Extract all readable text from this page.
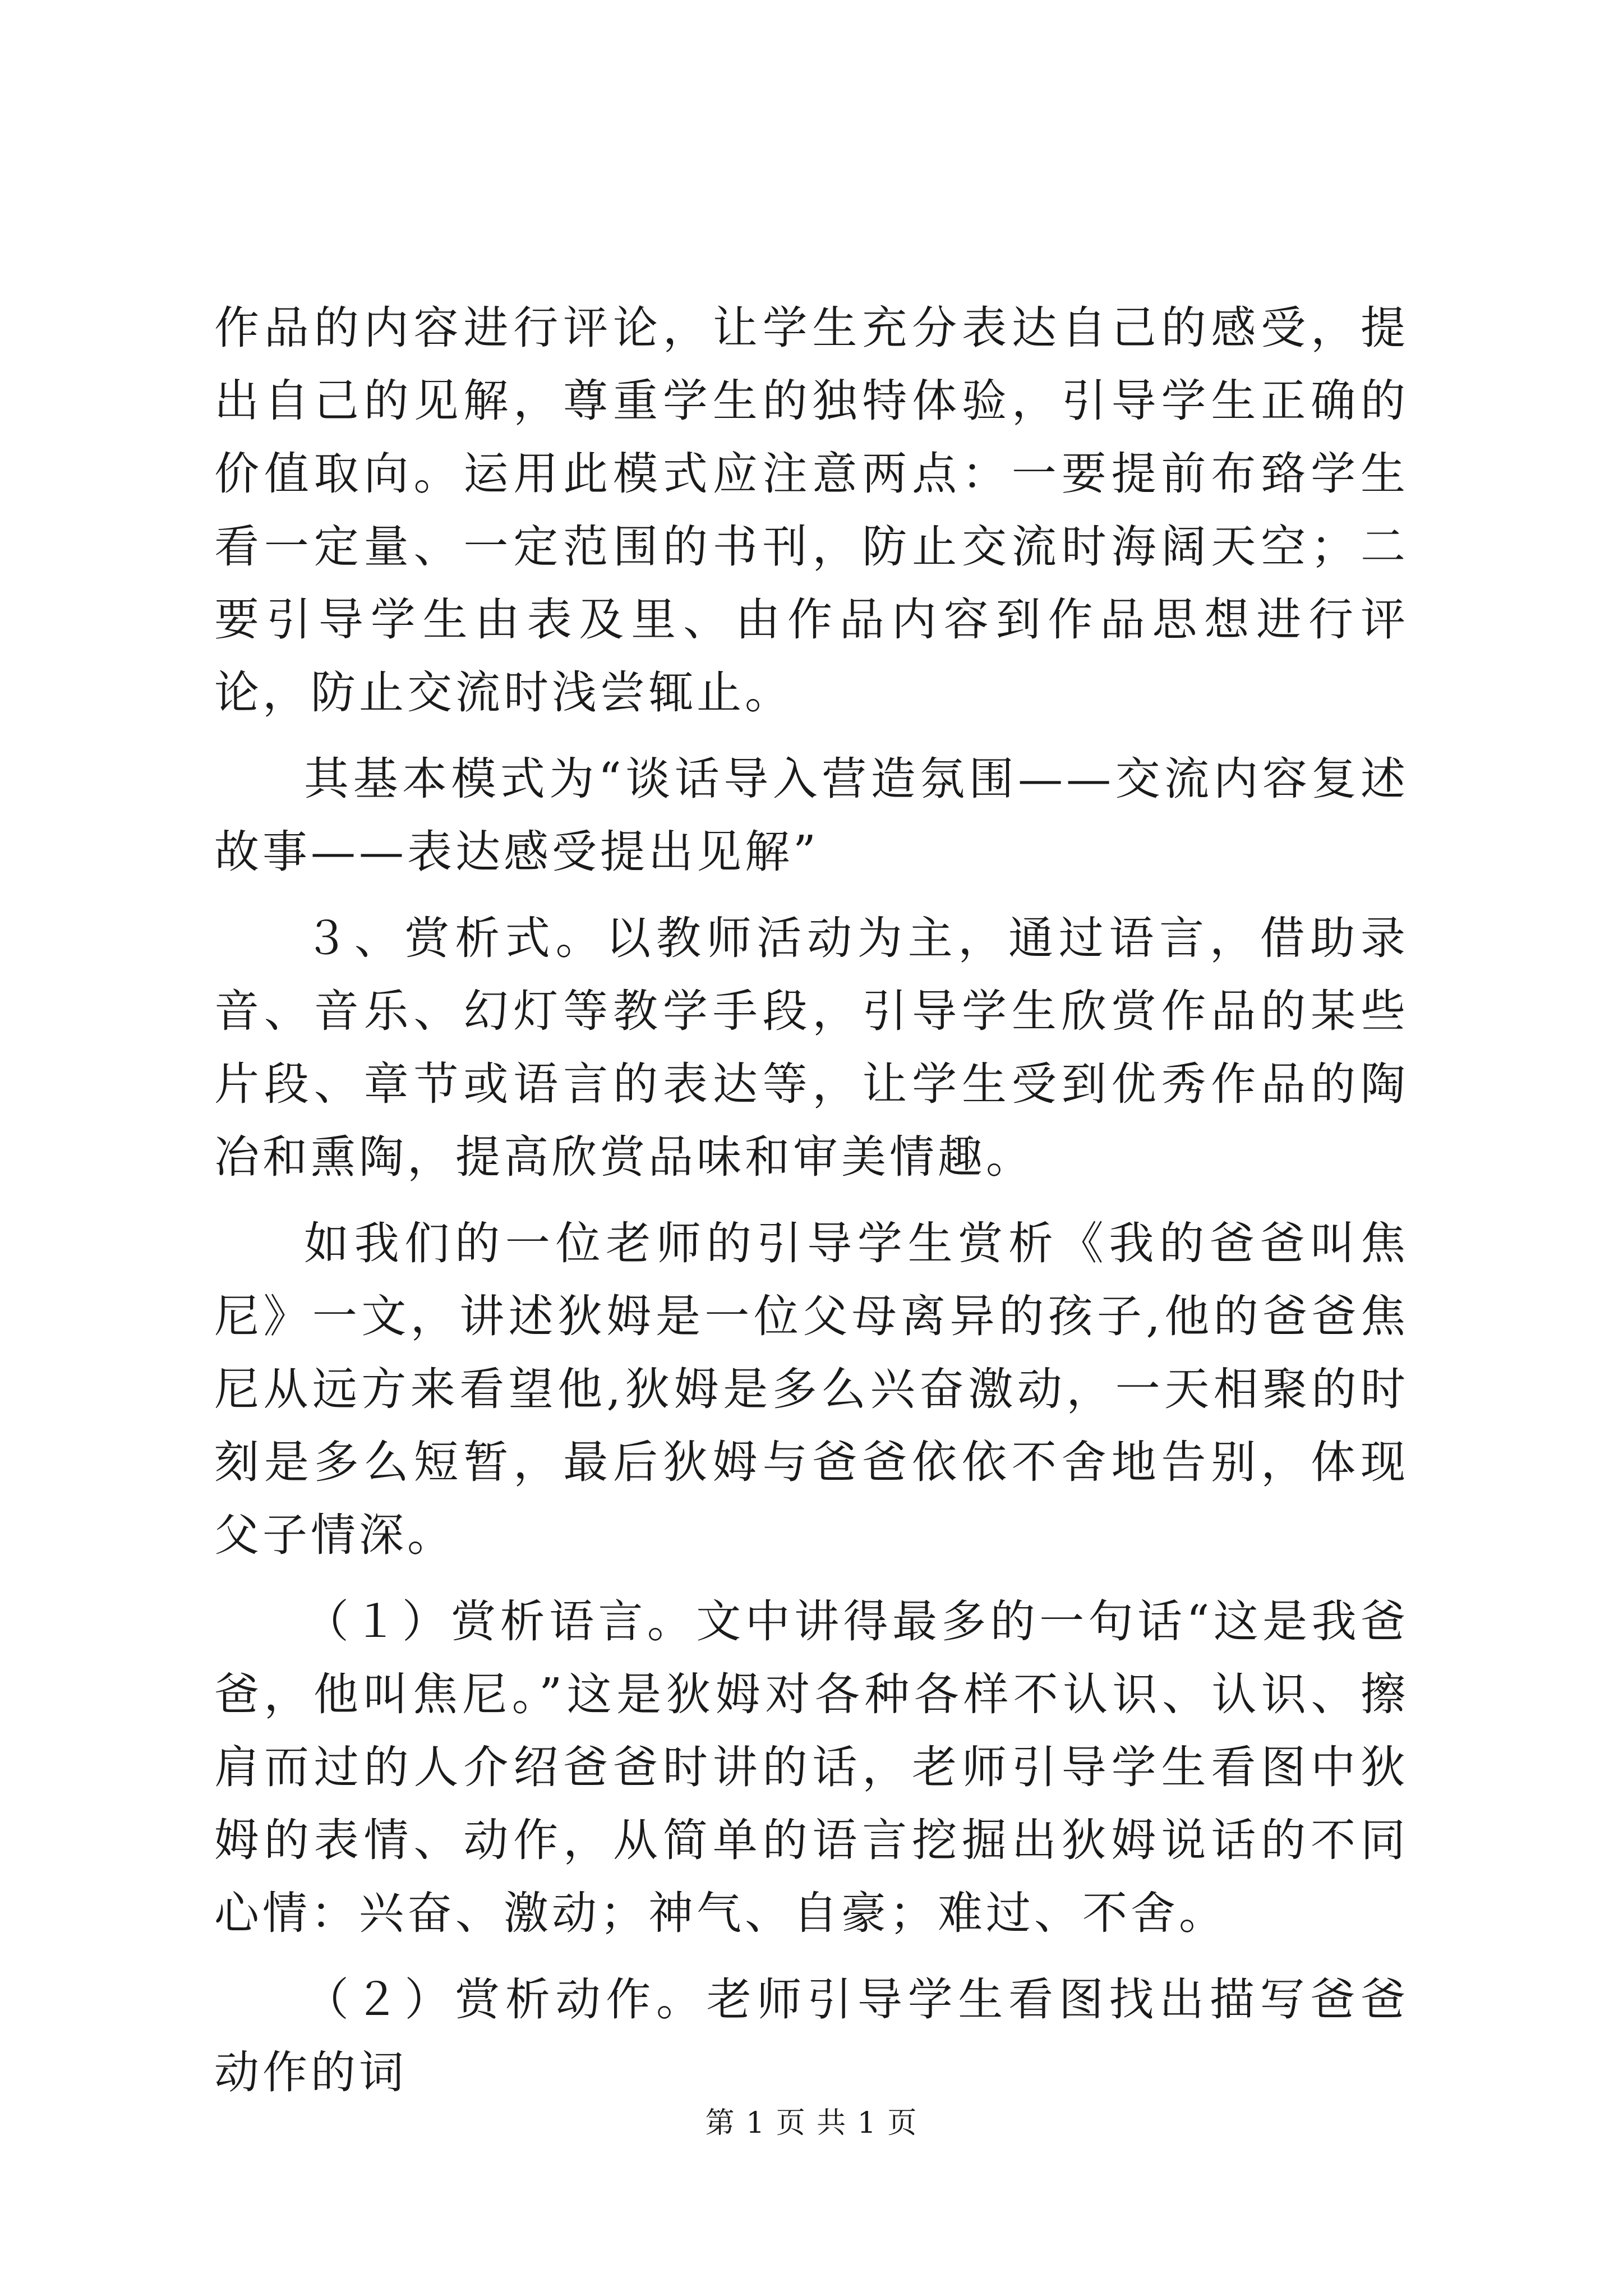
作品的内容进行评论，让学生充分表达自己的感受，提出自己的见解，尊重学生的独特体验，引导学生正确的价值取向。运用此模式应注意两点：一要提前布臵学生看一定量、一定范围的书刊，防止交流时海阔天空；二要引导学生由表及里、由作品内容到作品思想进行评论，防止交流时浅尝辄止。

其基本模式为“谈话导入营造氛围——交流内容复述故事——表达感受提出见解”

３、赏析式。以教师活动为主，通过语言，借助录音、音乐、幻灯等教学手段，引导学生欣赏作品的某些片段、章节或语言的表达等，让学生受到优秀作品的陶冶和熏陶，提高欣赏品味和审美情趣。

如我们的一位老师的引导学生赏析《我的爸爸叫焦尼》一文，讲述狄姆是一位父母离异的孩子,他的爸爸焦尼从远方来看望他,狄姆是多么兴奋激动，一天相聚的时刻是多么短暂，最后狄姆与爸爸依依不舍地告别，体现父子情深。

（１）赏析语言。文中讲得最多的一句话“这是我爸爸，他叫焦尼。”这是狄姆对各种各样不认识、认识、擦肩而过的人介绍爸爸时讲的话，老师引导学生看图中狄姆的表情、动作，从简单的语言挖掘出狄姆说话的不同心情：兴奋、激动；神气、自豪；难过、不舍。

（２）赏析动作。老师引导学生看图找出描写爸爸动作的词

第 1 页 共 1 页
